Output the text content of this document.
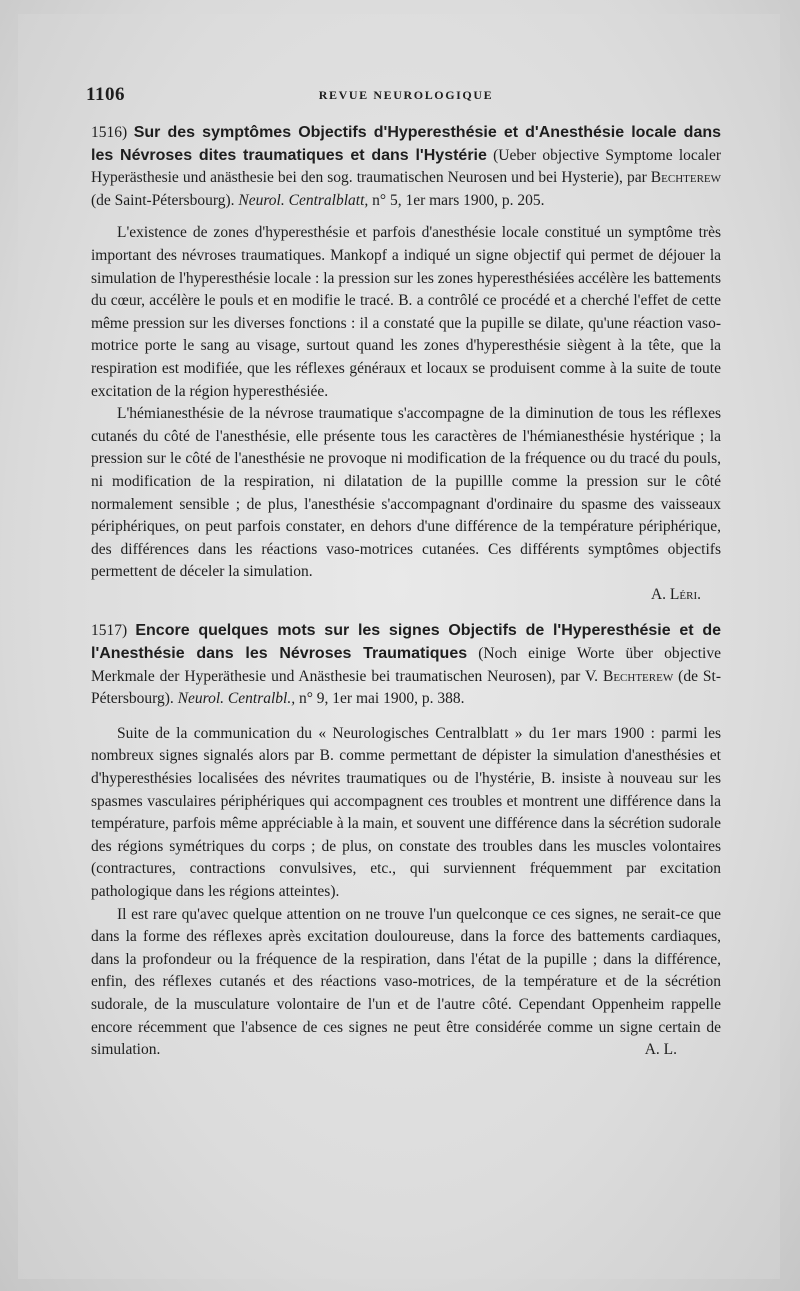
1106	REVUE NEUROLOGIQUE

1516) Sur des symptômes Objectifs d'Hyperesthésie et d'Anesthésie locale dans les Névroses dites traumatiques et dans l'Hystérie (Ueber objective Symptome localer Hyperästhesie und anästhesie bei den sog. traumatischen Neurosen und bei Hysterie), par Bechterew (de Saint-Pétersbourg). Neurol. Centralblatt, n° 5, 1er mars 1900, p. 205.

L'existence de zones d'hyperesthésie et parfois d'anesthésie locale constitué un symptôme très important des névroses traumatiques. Mankopf a indiqué un signe objectif qui permet de déjouer la simulation de l'hyperesthésie locale : la pression sur les zones hyperesthésiées accélère les battements du cœur, accélère le pouls et en modifie le tracé. B. a contrôlé ce procédé et a cherché l'effet de cette même pression sur les diverses fonctions : il a constaté que la pupille se dilate, qu'une réaction vaso-motrice porte le sang au visage, surtout quand les zones d'hyperesthésie siègent à la tête, que la respiration est modifiée, que les réflexes généraux et locaux se produisent comme à la suite de toute excitation de la région hyperesthésiée.

L'hémianesthésie de la névrose traumatique s'accompagne de la diminution de tous les réflexes cutanés du côté de l'anesthésie, elle présente tous les caractères de l'hémianesthésie hystérique ; la pression sur le côté de l'anesthésie ne provoque ni modification de la fréquence ou du tracé du pouls, ni modification de la respiration, ni dilatation de la pupillle comme la pression sur le côté normalement sensible ; de plus, l'anesthésie s'accompagnant d'ordinaire du spasme des vaisseaux périphériques, on peut parfois constater, en dehors d'une différence de la température périphérique, des différences dans les réactions vaso-motrices cutanées. Ces différents symptômes objectifs permettent de déceler la simulation.

A. Léri.

1517) Encore quelques mots sur les signes Objectifs de l'Hyperesthésie et de l'Anesthésie dans les Névroses Traumatiques (Noch einige Worte über objective Merkmale der Hyperäthesie und Anästhesie bei traumatischen Neurosen), par V. Bechterew (de St-Pétersbourg). Neurol. Centralbl., n° 9, 1er mai 1900, p. 388.

Suite de la communication du « Neurologisches Centralblatt » du 1er mars 1900 : parmi les nombreux signes signalés alors par B. comme permettant de dépister la simulation d'anesthésies et d'hyperesthésies localisées des névrites traumatiques ou de l'hystérie, B. insiste à nouveau sur les spasmes vasculaires périphériques qui accompagnent ces troubles et montrent une différence dans la température, parfois même appréciable à la main, et souvent une différence dans la sécrétion sudorale des régions symétriques du corps ; de plus, on constate des troubles dans les muscles volontaires (contractures, contractions convulsives, etc., qui surviennent fréquemment par excitation pathologique dans les régions atteintes).

Il est rare qu'avec quelque attention on ne trouve l'un quelconque ce ces signes, ne serait-ce que dans la forme des réflexes après excitation douloureuse, dans la force des battements cardiaques, dans la profondeur ou la fréquence de la respiration, dans l'état de la pupille ; dans la différence, enfin, des réflexes cutanés et des réactions vaso-motrices, de la température et de la sécrétion sudorale, de la musculature volontaire de l'un et de l'autre côté. Cependant Oppenheim rappelle encore récemment que l'absence de ces signes ne peut être considérée comme un signe certain de simulation.	A. L.
